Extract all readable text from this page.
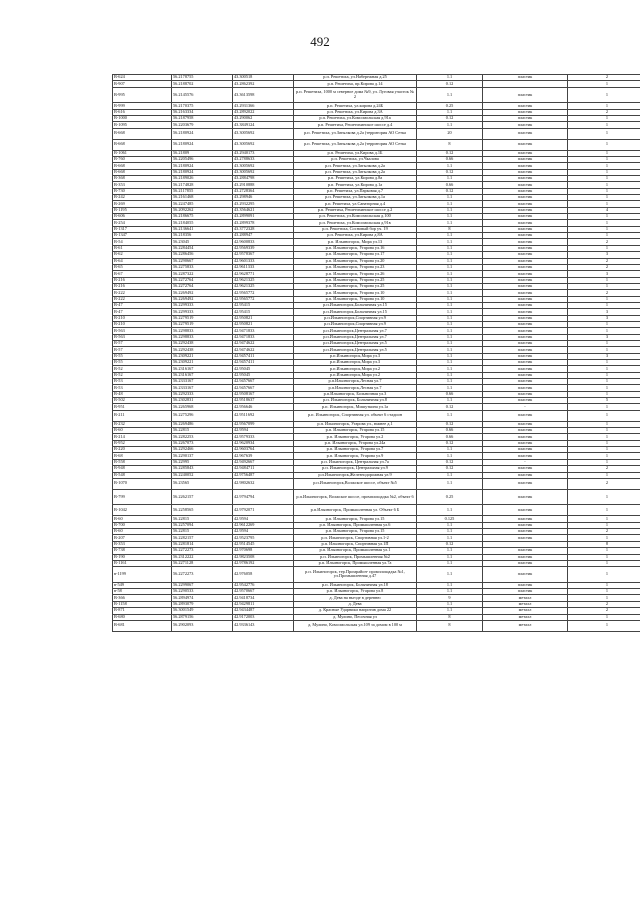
492
В-624	56.2178755	43.300518	р.п. Решетиха, ул.Набережная д.25	1.1	пластик	2
В-907	56.2188702	43.2862392	р.п. Решетиха, пр.Кирова д.14	0.12		1
В-995	56.2145576	43.3613598	р.п. Решетиха, 1000 м северное дома №9, ул. Луговая участок № 2	1.1	пластик	1
В-999	56.2170375	43.2931366	р.п. Решетиха, ул.кирова д.24Б	0.25	пластик	1
В-616	56.2163334	43.2892022	р.п. Решетиха, ул.Кирова д.3А	1.1	пластик	2
В-1000	56.2187958	43.290062	р.п. Решетиха, ул.Комсомольская д.91а	0.12	пластик	1
В-1095	56.2203679	43.3849124	р.п. Решетиха, Решетихинское шоссе д.4	1.1	пластик	1
В-668	56.2180924	43.3005692	р.п. Решетиха, ул.Затылкова д.2а (территория АО Сетка	20	пластик	1
В-668	56.2180924	43.3005692	р.п. Решетиха, ул.Затылкова д.2а (территория АО Сетка	8	пластик	1
В-1061	56.21809	43.2940173	р.п. Решетиха, ул.Кирова д.1Б	0.12	пластик	1
В-760	56.2205496	43.2788633	р.п. Решетиха, ул.Чкалова	0.66	пластик	1
В-668	56.2180924	43.3005692	р.п. Решетиха, ул.Затылкова д.2а	1.1	пластик	1
В-668	56.2180924	43.3005692	р.п. Решетиха, ул.Затылкова д.2а	0.12	пластик	1
В-368	56.2189026	43.2884798	р.п. Решетиха, ул.Кирова д.8а	1.1	пластик	1
В-353	56.2174828	43.2910888	р.п. Решетиха, ул.Кирова д.1а	0.66	пластик	1
В-730	56.2117855	43.2728364	р.п. Решетиха, ул.Парковая д.7	0.12	пластик	1
В-242	56.2161468	43.298946	р.п. Решетиха, ул.Затылкова д.1а	1.1	пластик	1
В-269	56.2247485	43.2932295	р.п. Решетиха, ул.Санаторная д.4	1.1	пластик	1
В-1195	56.2092262	43.3564621	р.п. Решетиха, Решетихинское шоссе д.2	1.1	пластик	4
В-606	56.2186675	43.2899091	р.п. Решетиха, ул.Комсомольская д.100	1.1	пластик	1
В-254	56.2184055	43.2899378	р.п. Решетиха, ул.Комсомольская д.91в	1.1	пластик	1
В-1317	56.2136641	43.3772328	р.п. Решетиха, Сосновый бор уч. 19	8	пластик	1
В-1347	56.218356	43.288947	р.п. Решетиха, ул.Кирова д.8А	1.1	пластик	1
В-54	56.23045	42.9600833	р.п. Ильиногорск, Мира ул.13	1.1	пластик	2
В-61	56.2284454	42.9569339	р.п. Ильиногорск, Угарова ул.16	1.1	пластик	1
В-62	56.2286456	42.9578367	р.п. Ильиногорск, Угарова ул.17	1.1	пластик	3
В-64	56.2290667	42.9601333	р.п. Ильиногорск, Угарова ул.20	1.1	пластик	2
В-65	56.2275833	42.9611333	р.п. Ильиногорск, Угарова ул.23	1.1	пластик	2
В-67	56.2287322	42.9628771	р.п. Ильиногорск, Угарова ул.26	1.1	пластик	3
В-216	56.2272764	42.9621325	р.п. Ильиногорск, Угарова ул.25	1.1	пластик	1
В-216	56.2272764	42.9621325	р.п. Ильиногорск, Угарова ул.25	1.1	пластик	1
В-222	56.2269492	42.9565772	р.п. Ильиногорск, Угарова ул.10	1.1	пластик	2
В-222	56.2269492	42.9565772	р.п. Ильиногорск, Угарова ул.10	1.1	пластик	1
В-47	56.2299333	42.95415	р.п.Ильиногорск,Больничная ул.15	1.1	пластик	1
В-47	56.2299333	42.95415	р.п.Ильиногорск,Больничная ул.15	1.1	пластик	3
В-210	56.2279519	42.950821	р.п.Ильиногорск,Спортивная ул.9	1.1	пластик	3
В-210	56.2279519	42.950821	р.п.Ильиногорск,Спортивная ул.9	1.1	пластик	1
В-563	56.2298833	42.9471833	р.п.Ильиногорск,Центральная ул.7	1.1	пластик	1
В-563	56.2298833	42.9471833	р.п.Ильиногорск,Центральная ул.7	1.1	пластик	3
В-57	56.2292438	42.9474622	р.п.Ильиногорск,Центральная ул.5	1.1	пластик	1
В-57	56.2292438	42.9474622	р.п.Ильиногорск,Центральная ул.5	1.1	пластик	1
В-55	56.2309221	42.9457411	р.п.Ильиногорск,Мира ул.3	1.1	пластик	3
В-55	56.2309221	42.9457411	р.п.Ильиногорск,Мира ул.3	1.1	пластик	1
В-52	56.2316167	42.95045	р.п.Ильиногорск,Мира ул.2	1.1	пластик	1
В-52	56.2316167	42.95045	р.п.Ильиногорск,Мира ул.2	1.1	пластик	1
В-53	56.2333167	42.9457667	р.п.Ильиногорск,Лесная ул.7	1.1	пластик	1
В-53	56.2333167	42.9457667	р.п.Ильиногорск,Лесная ул.7	1.1	пластик	1
В-48	56.2292333	42.9508167	р.п.Ильиногорск, Больничная ул.3	0.66	пластик	1
В-502	56.2302831	42.9518637	р.п. Ильиногорск, Больничная ул.8	1.1	пластик	5
В-951	56.2265968	42.956646	р.п. Ильиногорск, Мишуткина ул.1а	0.12	-	1
В-211	56.2275296	42.9511692	р.п. Ильиногорск, Спортивная ул. объект 6 стадион	1.1	пластик	1
В-232	56.2269486	42.9567099	р.п. Ильиногорск, Угарова ул., южнее д.1	0.12	пластик	1
В-60	56.22815	42.9594	р.п. Ильиногорск, Угарова ул.15	0.66	пластик	1
В-214	56.2282253	42.9579333	р.п. Ильиногорск, Угарова ул.2	0.66	пластик	1
В-952	56.2267073	42.9620934	р.п. Ильиногорск, Угарова ул.24а	0.12	пластик	1
В-220	56.2292466	42.9603764	р.п. Ильиногорск, Угарова ул.7	1.1	пластик	1
В-68	56.2290137	42.967639	р.п. Ильиногорск, Угарова ул.9	1.1	пластик	1
В-558	56.22995	42.9492667	р.п. Ильиногорск, Центральная ул.7а	0.12	-	1
В-948	56.2285843	42.9484711	р.п. Ильиногорск, Центральная ул.9	0.12	пластик	2
В-548	56.2240052	42.9756487	р.п.Ильиногорск,Железнодорожная ул.9	1.1	пластик	1
В-1070	56.23565	42.9802632	р.п.Ильиногорск,Волжское шоссе, объект №5	1.1	пластик	2
В-799	56.2262157	42.9794794	р.п.Ильиногорск, Волжское шоссе, промплощадка №2, объект 6	0.25	пластик	1
В-1042	56.2258565	42.9792071	р.п.Ильиногорск, Промышленная ул. Объект 6 Б	1.1	пластик	1
В-60	56.22815	42.9594	р.п. Ильиногорск, Угарова ул.15	0.125	пластик	1
В-700	56.2257094	42.9612269	р.п. Ильиногорск, Промышленная ул.6	1.1	пластик	1
В-60	56.22815	42.9594	р.п. Ильиногорск, Угарова ул.15	1.1	пластик	2
В-207	56.2282157	42.9523795	р.п. Ильиногорск, Спортивная ул.1-2	1.1	пластик	1
В-353	56.2281814	42.9514545	р.п. Ильиногорск, Спортивная ул.1П	0.12		8
В-738	56.2272273	42.970698	р.п. Ильиногорск, Промышленная ул.1	1.1	пластик	1
В-190	56.2312222	42.9823508	р.п. Ильиногорск, Промышленная №2	1.1	пластик	1
В-1161	56.2271128	42.9786192	р.п. Ильиногорск, Промышленная ул.7а	1.1	пластик	1
в-1199	56.2272273	42.976058	р.п. Ильиногорск, тер.Промрайон- промплощадка №1, ул.Промышленная д.47	1.1	пластик	1
в-549	56.2299067	42.9542776	р.п. Ильиногорск, Больничная ул.18	1.1	пластик	1
в-58	56.2290533	42.9570667	р.п. Ильиногорск, Угарова ул.8	1.1	пластик	1
В-366	56.2894974	42.9418734	д. Дева на въезде в деревню	9	металл	1
В-1158	56.2893079	42.9429811	д. Дева	1.1	металл	2
В-871	56.3001549	42.9434487	д. Красные Ударники напротив дома 22	1.1	металл	2
В-680	56.2879156	42.9172003	д. Мулино, Песочная ул	8	металл	1
В-681	56.2902093	42.9336143	д. Мулино, Комсомольская ул.109 за домом в 100 м	8	металл	1
